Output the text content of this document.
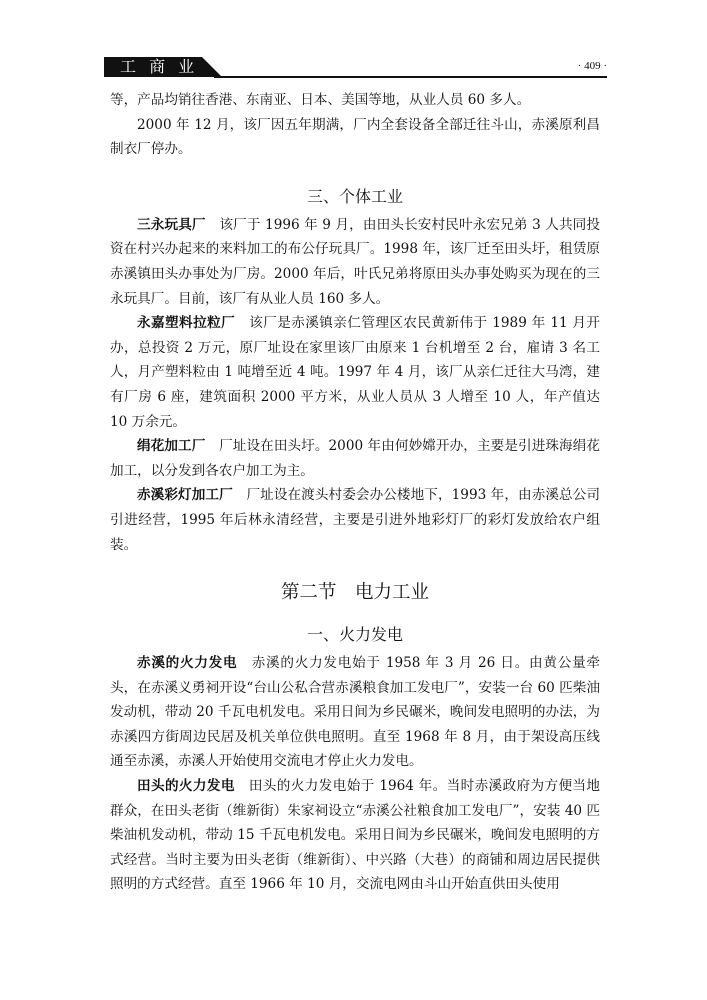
工 商 业	· 409 ·

等，产品均销往香港、东南亚、日本、美国等地，从业人员 60 多人。

2000 年 12 月，该厂因五年期满，厂内全套设备全部迁往斗山，赤溪原利昌制衣厂停办。

三、个体工业

三永玩具厂　 该厂于 1996 年 9 月，由田头长安村民叶永宏兄弟 3 人共同投资在村兴办起来的来料加工的布公仔玩具厂。1998 年，该厂迁至田头圩，租赁原赤溪镇田头办事处为厂房。2000 年后，叶氏兄弟将原田头办事处购买为现在的三永玩具厂。目前，该厂有从业人员 160 多人。

永嘉塑料拉粒厂　 该厂是赤溪镇亲仁管理区农民黄新伟于 1989 年 11 月开办，总投资 2 万元，原厂址设在家里该厂由原来 1 台机增至 2 台，雇请 3 名工人，月产塑料粒由 1 吨增至近 4 吨。1997 年 4 月，该厂从亲仁迁往大马湾，建有厂房 6 座，建筑面积 2000 平方米，从业人员从 3 人增至 10 人，年产值达 10 万余元。

绢花加工厂　 厂址设在田头圩。2000 年由何妙嫦开办，主要是引进珠海绢花加工，以分发到各农户加工为主。

赤溪彩灯加工厂　 厂址设在渡头村委会办公楼地下，1993 年，由赤溪总公司引进经营，1995 年后林永清经营，主要是引进外地彩灯厂的彩灯发放给农户组装。

第二节　电力工业
一、火力发电

赤溪的火力发电　 赤溪的火力发电始于 1958 年 3 月 26 日。由黄公量牵头，在赤溪义勇祠开设“台山公私合营赤溪粮食加工发电厂”，安装一台 60 匹柴油发动机，带动 20 千瓦电机发电。采用日间为乡民碾米，晚间发电照明的办法，为赤溪四方街周边民居及机关单位供电照明。直至 1968 年 8 月，由于架设高压线通至赤溪，赤溪人开始使用交流电才停止火力发电。

田头的火力发电　 田头的火力发电始于 1964 年。当时赤溪政府为方便当地群众，在田头老街（维新街）朱家祠设立“赤溪公社粮食加工发电厂”，安装 40 匹柴油机发动机，带动 15 千瓦电机发电。采用日间为乡民碾米，晚间发电照明的方式经营。当时主要为田头老街（维新街）、中兴路（大巷）的商铺和周边居民提供照明的方式经营。直至 1966 年 10 月，交流电网由斗山开始直供田头使用
